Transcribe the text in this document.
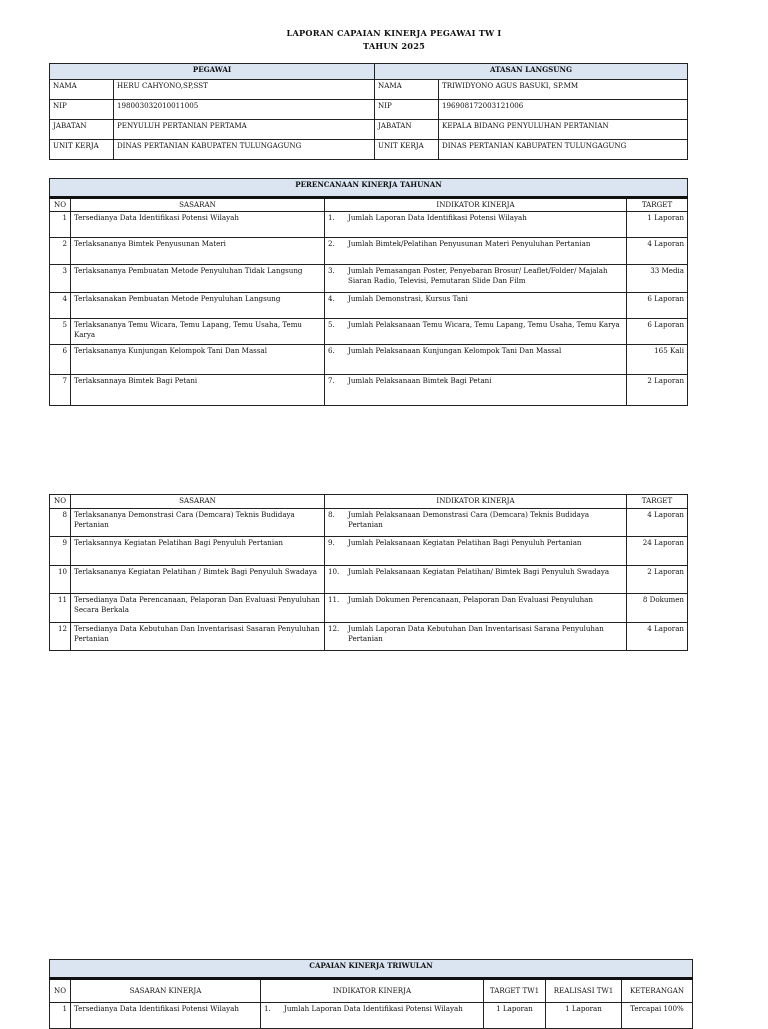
LAPORAN CAPAIAN KINERJA PEGAWAI TW I
TAHUN 2025
PEGAWAI		ATASAN LANGSUNG	
NAMA	HERU CAHYONO,SP,SST	NAMA	TRIWIDYONO AGUS BASUKI, SP.MM
NIP	198003032010011005	NIP	196908172003121006
JABATAN	PENYULUH PERTANIAN PERTAMA	JABATAN	KEPALA BIDANG PENYULUHAN PERTANIAN
UNIT KERJA	DINAS PERTANIAN KABUPATEN TULUNGAGUNG	UNIT KERJA	DINAS PERTANIAN KABUPATEN TULUNGAGUNG
PERENCANAAN KINERJA TAHUNAN			
NO	SASARAN	INDIKATOR KINERJA	TARGET
1	Tersedianya Data Identifikasi Potensi Wilayah	1. Jumlah Laporan Data Identifikasi Potensi Wilayah	1 Laporan
2	Terlaksananya Bimtek Penyusunan Materi	2. Jumlah Bimtek/Pelatihan Penyusunan Materi Penyuluhan Pertanian	4 Laporan
3	Terlaksananya Pembuatan Metode Penyuluhan Tidak Langsung	3. Jumlah Pemasangan Poster, Penyebaran Brosur/ Leaflet/Folder/ Majalah Siaran Radio, Televisi, Pemutaran Slide Dan Film	33 Media
4	Terlaksanakan Pembuatan Metode Penyuluhan Langsung	4. Jumlah Demonstrasi, Kursus Tani	6 Laporan
5	Terlaksananya Temu Wicara, Temu Lapang, Temu Usaha, Temu Karya	5. Jumlah Pelaksanaan Temu Wicara, Temu Lapang, Temu Usaha, Temu Karya	6 Laporan
6	Terlaksananya Kunjungan Kelompok Tani Dan Massal	6. Jumlah Pelaksanaan Kunjungan Kelompok Tani Dan Massal	165 Kali
7	Terlaksannaya Bimtek Bagi Petani	7. Jumlah Pelaksanaan Bimtek Bagi Petani	2 Laporan
NO	SASARAN	INDIKATOR KINERJA	TARGET
8	Terlaksananya Demonstrasi Cara (Demcara) Teknis Budidaya Pertanian	8. Jumlah Pelaksanaan Demonstrasi Cara (Demcara) Teknis Budidaya Pertanian	4 Laporan
9	Terlaksannya Kegiatan Pelatihan Bagi Penyuluh Pertanian	9. Jumlah Pelaksanaan Kegiatan Pelatihan Bagi Penyuluh Pertanian	24 Laporan
10	Terlaksananya Kegiatan Pelatihan / Bimtek Bagi Penyuluh Swadaya	10. Jumlah Pelaksanaan Kegiatan Pelatihan/ Bimtek Bagi Penyuluh Swadaya	2 Laporan
11	Tersedianya Data Perencanaan, Pelaporan Dan Evaluasi Penyuluhan Secara Berkala	11. Jumlah Dokumen Perencanaan, Pelaporan Dan Evaluasi Penyuluhan	8 Dokumen
12	Tersedianya Data Kebutuhan Dan Inventarisasi Sasaran Penyuluhan Pertanian	12. Jumlah Laporan Data Kebutuhan Dan Inventarisasi Sarana Penyuluhan Pertanian	4 Laporan
CAPAIAN KINERJA TRIWULAN					
NO	SASARAN KINERJA	INDIKATOR KINERJA	TARGET TW1	REALISASI TW1	KETERANGAN
1	Tersedianya Data Identifikasi Potensi Wilayah	1. Jumlah Laporan Data Identifikasi Potensi Wilayah	1 Laporan	1 Laporan	Tercapai 100%
